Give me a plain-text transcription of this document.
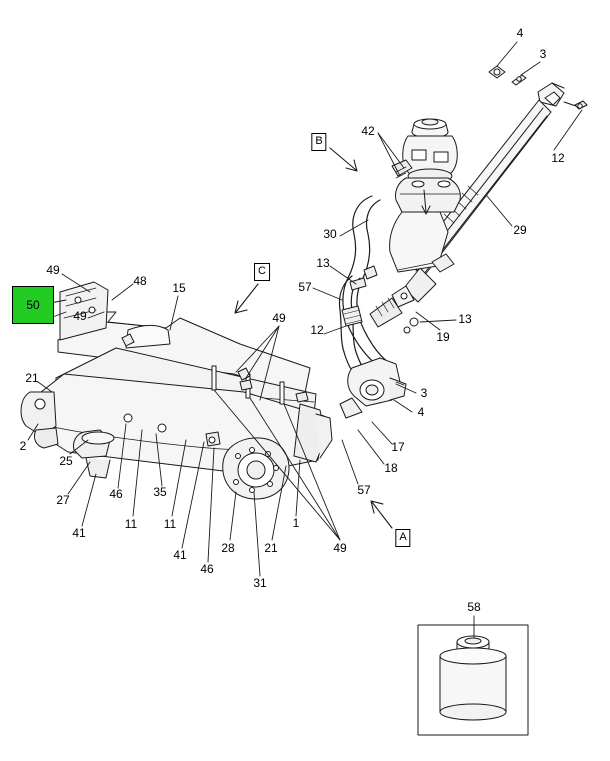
50
B
C
A
4
3
12
42
29
30
13
57
13
19
12
3
4
17
18
57
49
48 15
49	49
21
2
25
27
41
46
11
35
11
41
46
28
31
1
21	49
58
